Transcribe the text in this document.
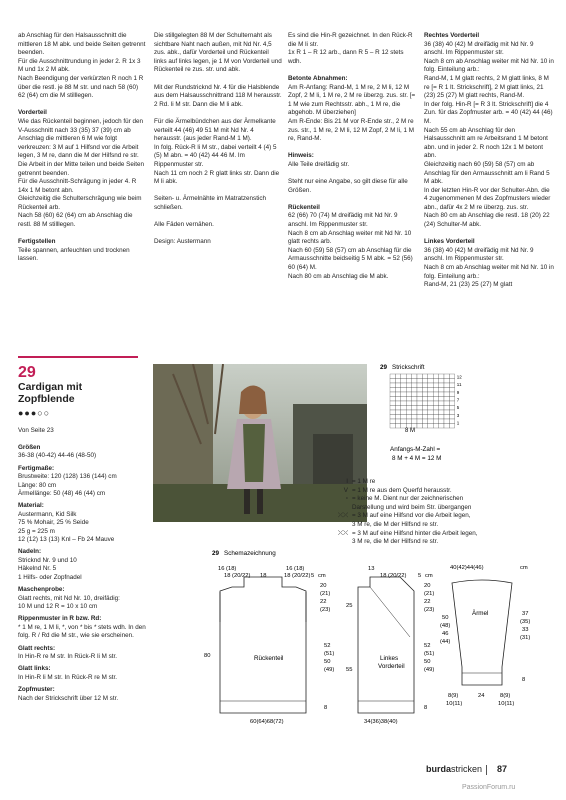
ab Anschlag für den Halsausschnitt die mittleren 18 M abk. und beide Seiten getrennt beenden.
Für die Ausschnittrundung in jeder 2. R 1x 3 M und 1x 2 M abk.
Nach Beendigung der verkürzten R noch 1 R über die restl. je 88 M str. und nach 58 (60) 62 (64) cm die M stilllegen.

Vorderteil
Wie das Rückenteil beginnen, jedoch für den V-Ausschnitt nach 33 (35) 37 (39) cm ab Anschlag die mittleren 6 M wie folgt verkreuzen: 3 M auf 1 Hilfsnd vor die Arbeit legen, 3 M re, dann die M der Hilfsnd re str.
Die Arbeit in der Mitte teilen und beide Seiten getrennt beenden.
Für die Ausschnitt-Schrägung in jeder 4. R 14x 1 M betont abn.
Gleichzeitig die Schulterschrägung wie beim Rückenteil arb.
Nach 58 (60) 62 (64) cm ab Anschlag die restl. 88 M stilllegen.

Fertigstellen
Teile spannen, anfeuchten und trocknen lassen.

Die stillgelegten 88 M der Schulternaht als sichtbare Naht nach außen, mit Nd Nr. 4,5 zus. abk., dafür Vorderteil und Rückenteil links auf links legen, je 1 M von Vorderteil und Rückenteil re zus. str. und abk.

Mit der Rundstricknd Nr. 4 für die Halsblende aus dem Halsausschnittrand 118 M herausstr. 2 Rd. li M str. Dann die M li abk.

Für die Ärmelbündchen aus der Ärmelkante verteilt 44 (46) 49 51 M mit Nd Nr. 4 herausstr. (aus jeder Rand-M 1 M).
In folg. Rück-R li M str., dabei verteilt 4 (4) 5 (5) M abn. = 40 (42) 44 46 M. Im Rippenmuster str.
Nach 11 cm noch 2 R glatt links str. Dann die M li abk.

Seiten- u. Ärmelnähte im Matratzenstich schließen.

Alle Fäden vernähen.

Design: Austermann

Es sind die Hin-R gezeichnet. In den Rück-R die M li str.
1x R 1 – R 12 arb., dann R 5 – R 12 stets wdh.

Betonte Abnahmen:
Am R-Anfang: Rand-M, 1 M re, 2 M li, 12 M Zopf, 2 M li, 1 M re, 2 M re überzg. zus. str. [= 1 M wie zum Rechtsstr. abh., 1 M re, die abgehob. M überziehen]
Am R-Ende: Bis 21 M vor R-Ende str., 2 M re zus. str., 1 M re, 2 M li, 12 M Zopf, 2 M li, 1 M re, Rand-M.

Hinweis:
Alle Teile dreifädig str.

Steht nur eine Angabe, so gilt diese für alle Größen.

Rückenteil
62 (66) 70 (74) M dreifädig mit Nd Nr. 9 anschl. Im Rippenmuster str.
Nach 8 cm ab Anschlag weiter mit Nd Nr. 10 glatt rechts arb.
Nach 60 (59) 58 (57) cm ab Anschlag für die Armausschnitte beidseitig 5 M abk. = 52 (56) 60 (64) M.
Nach 80 cm ab Anschlag die M abk.

Rechtes Vorderteil
36 (38) 40 (42) M dreifädig mit Nd Nr. 9 anschl. Im Rippenmuster str.
Nach 8 cm ab Anschlag weiter mit Nd Nr. 10 in folg. Einteilung arb.:
Rand-M, 1 M glatt rechts, 2 M glatt links, 8 M re [= R 1 lt. Strickschrift], 2 M glatt links, 21 (23) 25 (27) M glatt rechts, Rand-M.
In der folg. Hin-R [= R 3 lt. Strickschrift] die 4 Zun. für das Zopfmuster arb. = 40 (42) 44 (46) M.
Nach 55 cm ab Anschlag für den Halsausschnitt am re Arbeitsrand 1 M betont abn. und in jeder 2. R noch 12x 1 M betont abn.
Gleichzeitig nach 60 (59) 58 (57) cm ab Anschlag für den Armausschnitt am li Rand 5 M abk.
In der letzten Hin-R vor der Schulter-Abn. die 4 zugenommenen M des Zopfmusters wieder abn., dafür 4x 2 M re überzg. zus. str.
Nach 80 cm ab Anschlag die restl. 18 (20) 22 (24) Schulter-M abk.

Linkes Vorderteil
36 (38) 40 (42) M dreifädig mit Nd Nr. 9 anschl. Im Rippenmuster str.
Nach 8 cm ab Anschlag weiter mit Nd Nr. 10 in folg. Einteilung arb.:
Rand-M, 21 (23) 25 (27) M glatt

29
Cardigan mit Zopfblende
●●●○○
Von Seite 23

Größen
36-38 (40-42) 44-46 (48-50)

Fertigmaße:
Brustweite: 120 (128) 136 (144) cm
Länge: 80 cm
Ärmellänge: 50 (48) 46 (44) cm

Material:
Austermann, Kid Silk
75 % Mohair, 25 % Seide
25 g = 225 m
12 (12) 13 (13) Knl – Fb 24 Mauve

Nadeln:
Stricknd Nr. 9 und 10
Häkelnd Nr. 5
1 Hilfs- oder Zopfnadel

Maschenprobe:
Glatt rechts, mit Nd Nr. 10, dreifädig:
10 M und 12 R = 10 x 10 cm

Rippenmuster in R bzw. Rd:
* 1 M re, 1 M li, *, von * bis * stets wdh. In den folg. R / Rd die M str., wie sie erscheinen.

Glatt rechts:
In Hin-R re M str. In Rück-R li M str.

Glatt links:
In Hin-R li M str. In Rück-R re M str.

Zopfmuster:
Nach der Strickschrift über 12 M str.

29 Strickschrift
12
11
9
7
5
3
1
8 M
Anfangs-M-Zahl =
8 M + 4 M = 12 M
I = 1 M re
V = 1 M re aus dem Querfd herausstr.
▫ = keine M. Dient nur der zeichnerischen
Darstellung und wird beim Str. übergangen
⤫⤫ = 3 M auf eine Hilfsnd vor die Arbeit legen,
3 M re, die M der Hilfsnd re str.
⤬⤬ = 3 M auf eine Hilfsnd hinter die Arbeit legen,
3 M re, die M der Hilfsnd re str.
29 Schemazeichnung
16 (18)
18 (20/22) 18
16 (18)
18 (20/22) 5 cm
20
(21)
22
(23)
Rückenteil
80
52
(51)
50
(49)
8
60(64)68(72)
13
18 (20/22) 5 cm
20
(21)
22
(23)
25
55
Linkes Vorderteil
52
(51)
50
(49)
8
34(36)38(40)
40(42)44(46)	cm
Ärmel
50
(48)
46
(44)
37
(35)
33
(31)
8
8(9)
10(11)
24	8(9)
10(11)
burdastricken 87
PassionForum.ru
